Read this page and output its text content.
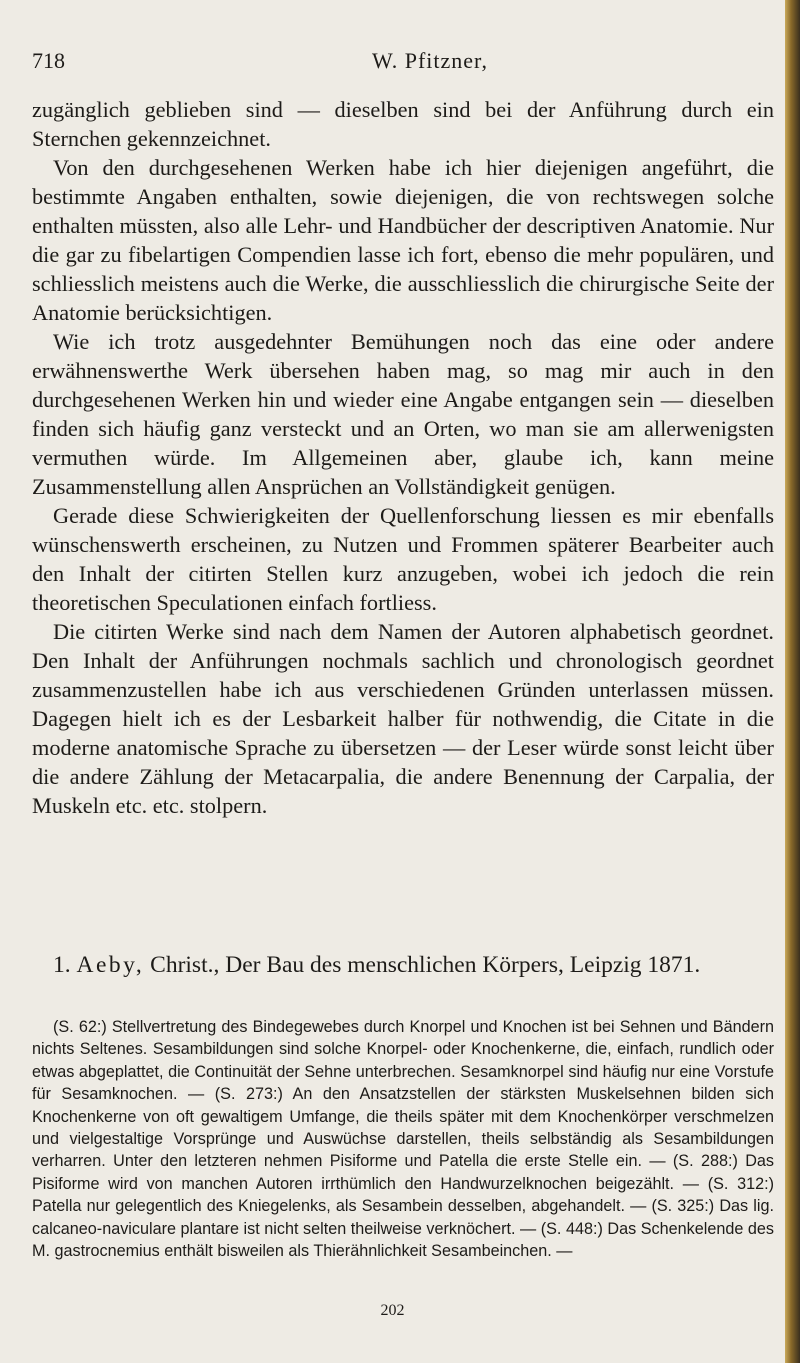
718	W. Pfitzner,

zugänglich geblieben sind — dieselben sind bei der Anführung durch ein Sternchen gekennzeichnet.

Von den durchgesehenen Werken habe ich hier diejenigen angeführt, die bestimmte Angaben enthalten, sowie diejenigen, die von rechtswegen solche enthalten müssten, also alle Lehr- und Handbücher der descriptiven Anatomie. Nur die gar zu fibelartigen Compendien lasse ich fort, ebenso die mehr populären, und schliesslich meistens auch die Werke, die ausschliesslich die chirurgische Seite der Anatomie berücksichtigen.

Wie ich trotz ausgedehnter Bemühungen noch das eine oder andere erwähnenswerthe Werk übersehen haben mag, so mag mir auch in den durchgesehenen Werken hin und wieder eine Angabe entgangen sein — dieselben finden sich häufig ganz versteckt und an Orten, wo man sie am allerwenigsten vermuthen würde. Im Allgemeinen aber, glaube ich, kann meine Zusammenstellung allen Ansprüchen an Vollständigkeit genügen.

Gerade diese Schwierigkeiten der Quellenforschung liessen es mir ebenfalls wünschenswerth erscheinen, zu Nutzen und Frommen späterer Bearbeiter auch den Inhalt der citirten Stellen kurz anzugeben, wobei ich jedoch die rein theoretischen Speculationen einfach fortliess.

Die citirten Werke sind nach dem Namen der Autoren alphabetisch geordnet. Den Inhalt der Anführungen nochmals sachlich und chronologisch geordnet zusammenzustellen habe ich aus verschiedenen Gründen unterlassen müssen. Dagegen hielt ich es der Lesbarkeit halber für nothwendig, die Citate in die moderne anatomische Sprache zu übersetzen — der Leser würde sonst leicht über die andere Zählung der Metacarpalia, die andere Benennung der Carpalia, der Muskeln etc. etc. stolpern.

1. Aeby, Christ., Der Bau des menschlichen Körpers, Leipzig 1871.

(S. 62:) Stellvertretung des Bindegewebes durch Knorpel und Knochen ist bei Sehnen und Bändern nichts Seltenes. Sesambildungen sind solche Knorpel- oder Knochenkerne, die, einfach, rundlich oder etwas abgeplattet, die Continuität der Sehne unterbrechen. Sesamknorpel sind häufig nur eine Vorstufe für Sesamknochen. — (S. 273:) An den Ansatzstellen der stärksten Muskelsehnen bilden sich Knochenkerne von oft gewaltigem Umfange, die theils später mit dem Knochenkörper verschmelzen und vielgestaltige Vorsprünge und Auswüchse darstellen, theils selbständig als Sesambildungen verharren. Unter den letzteren nehmen Pisiforme und Patella die erste Stelle ein. — (S. 288:) Das Pisiforme wird von manchen Autoren irrthümlich den Handwurzelknochen beigezählt. — (S. 312:) Patella nur gelegentlich des Kniegelenks, als Sesambein desselben, abgehandelt. — (S. 325:) Das lig. calcaneo-naviculare plantare ist nicht selten theilweise verknöchert. — (S. 448:) Das Schenkelende des M. gastrocnemius enthält bisweilen als Thierähnlichkeit Sesambeinchen. —

202
